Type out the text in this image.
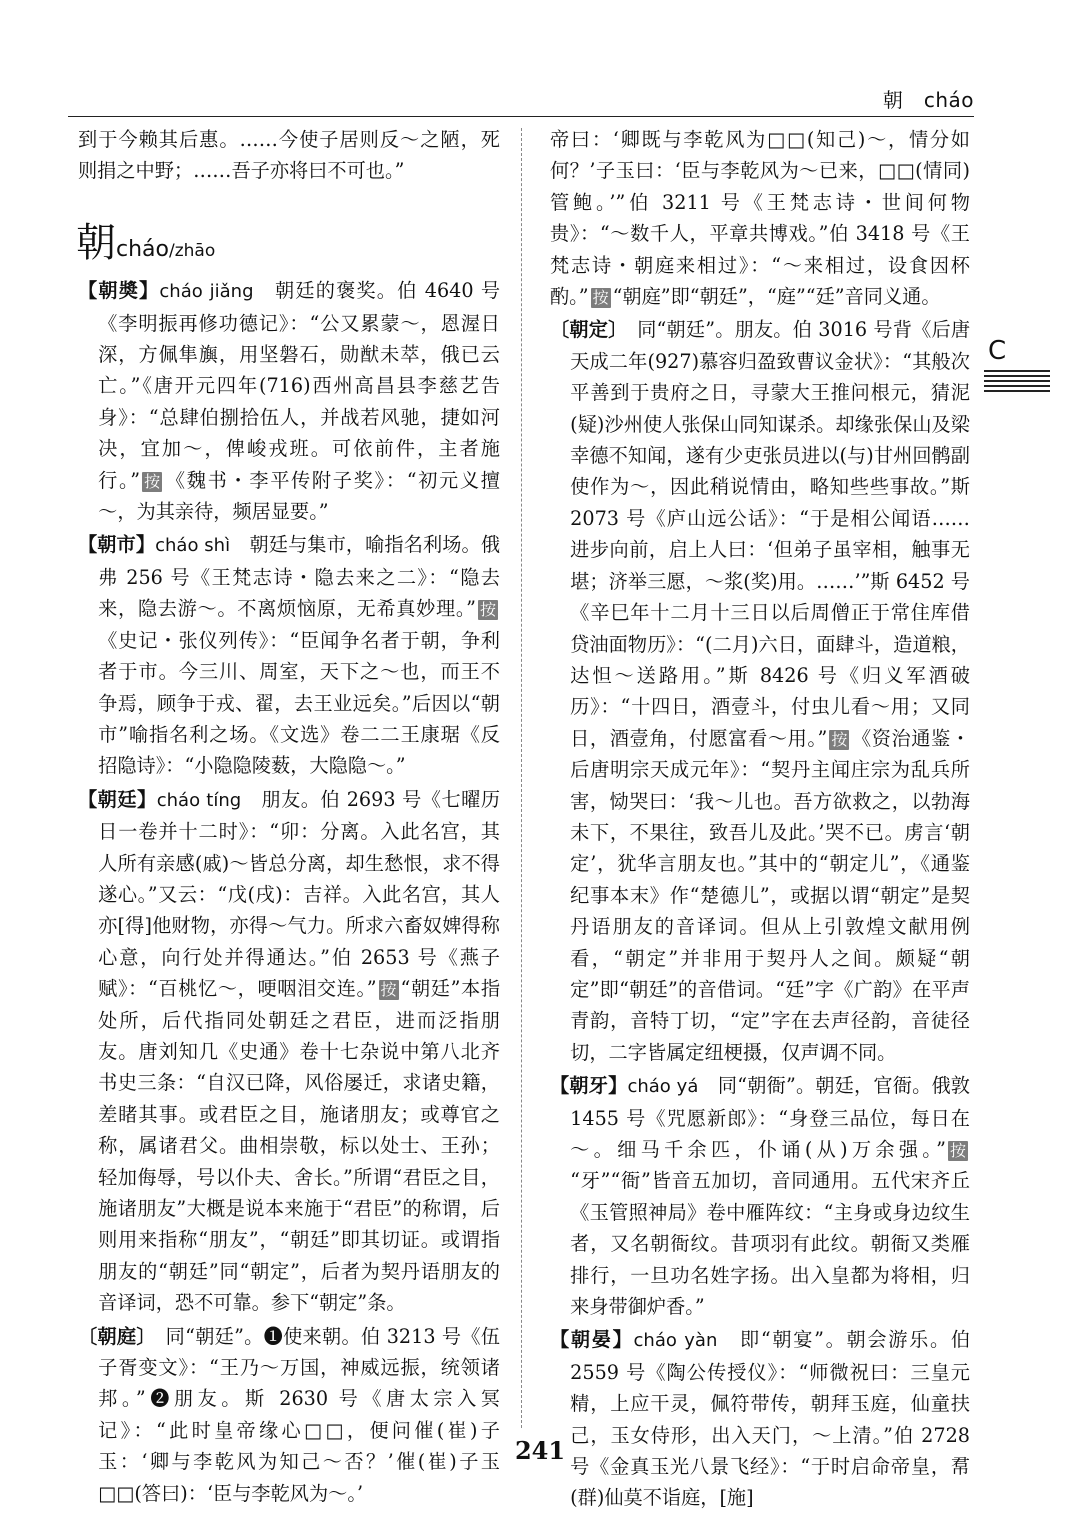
朝　cháo

到于今赖其后惠。……今使子居则反～之陋，死则捐之中野；……吾子亦将曰不可也。”

朝cháo/zhāo

【朝奬】cháo jiǎng　 朝廷的褒奖。伯 4640 号《李明振再修功德记》：“公又累蒙～，恩渥日深，方佩隼旟，用坚磐石，勋猷未萃，俄已云亡。”《唐开元四年(716)西州高昌县李慈艺告身》：“总肆伯捌拾伍人，并战若风驰，捷如河决，宜加～，俾峻戎班。可依前件，主者施行。” 按 《魏书・李平传附子奖》：“初元义擅～，为其亲待，频居显要。”

【朝市】cháo shì　 朝廷与集市，喻指名利场。俄弗 256 号《王梵志诗・隐去来之二》：“隐去来，隐去游～。不离烦恼原，无希真妙理。” 按《史记・张仪列传》：“臣闻争名者于朝，争利者于市。今三川、周室，天下之～也，而王不争焉，顾争于戎、翟，去王业远矣。”后因以“朝市”喻指名利之场。《文选》卷二二王康琚《反招隐诗》：“小隐隐陵薮，大隐隐～。”

【朝廷】cháo tíng　 朋友。伯 2693 号《七曜历日一卷并十二时》：“卯：分离。入此名宫，其人所有亲感(戚)～皆总分离，却生愁恨，求不得遂心。”又云：“戊(戌)：吉祥。入此名宫，其人亦[得]他财物，亦得～气力。所求六畜奴婢得称心意，向行处并得通达。”伯 2653 号《燕子赋》：“百桃忆～，哽咽泪交连。” 按 “朝廷”本指处所，后代指同处朝廷之君臣，进而泛指朋友。唐刘知几《史通》卷十七杂说中第八北齐书史三条：“自汉已降，风俗屡迁，求诸史籍，差睹其事。或君臣之目，施诸朋友；或尊官之称，属诸君父。曲相崇敬，标以处士、王孙；轻加侮辱，号以仆夫、舍长。”所谓“君臣之目，施诸朋友”大概是说本来施于“君臣”的称谓，后则用来指称“朋友”，“朝廷”即其切证。或谓指朋友的“朝廷”同“朝定”，后者为契丹语朋友的音译词，恐不可靠。参下“朝定”条。

〔朝庭〕　 同“朝廷”。❶使来朝。伯 3213 号《伍子胥变文》：“王乃～万国，神威远振，统领诸邦。”❷朋友。斯 2630 号《唐太宗入冥记》：“此时皇帝缘心□□，便问催(崔)子玉：‘卿与李乾风为知己～否？’催(崔)子玉□□(答曰)：‘臣与李乾风为～。’

帝曰：‘卿既与李乾风为□□(知己)～，情分如何？’子玉曰：‘臣与李乾风为～已来，□□(情同)管鲍。’”伯 3211 号《王梵志诗・世间何物贵》：“～数千人，平章共博戏。”伯 3418 号《王梵志诗・朝庭来相过》：“～来相过，设食因杯酌。” 按 “朝庭”即“朝廷”，“庭”“廷”音同义通。

〔朝定〕　 同“朝廷”。朋友。伯 3016 号背《后唐天成二年(927)慕容归盈致曹议金状》：“其般次平善到于贵府之日，寻蒙大王推问根元，猜泥(疑)沙州使人张保山同知谋杀。却缘张保山及梁幸德不知闻，遂有少吏张员进以(与)甘州回鹘副使作为～，因此稍说情由，略知些些事故。”斯 2073 号《庐山远公话》：“于是相公闻语……进步向前，启上人曰：‘但弟子虽宰相，触事无堪；济举三愿，～浆(奖)用。……’”斯 6452 号《辛巳年十二月十三日以后周僧正于常住库借贷油面物历》：“(二月)六日，面肆斗，造道粮，达怛～送路用。”斯 8426 号《归义军酒破历》：“十四日，酒壹斗，付虫儿看～用；又同日，酒壹角，付愿富看～用。” 按 《资治通鉴・后唐明宗天成元年》：“契丹主闻庄宗为乱兵所害，恸哭曰：‘我～儿也。吾方欲救之，以勃海未下，不果往，致吾儿及此。’哭不已。虏言‘朝定’，犹华言朋友也。”其中的“朝定儿”，《通鉴纪事本末》作“楚德儿”，或据以谓“朝定”是契丹语朋友的音译词。但从上引敦煌文献用例看，“朝定”并非用于契丹人之间。颇疑“朝定”即“朝廷”的音借词。“廷”字《广韵》在平声青韵，音特丁切，“定”字在去声径韵，音徒径切，二字皆属定纽梗摄，仅声调不同。

【朝牙】cháo yá　 同“朝衙”。朝廷，官衙。俄敦 1455 号《咒愿新郎》：“身登三品位，每日在～。细马千余匹，仆诵(从)万余强。” 按“牙”“衙”皆音五加切，音同通用。五代宋齐丘《玉管照神局》卷中雁阵纹：“主身或身边纹生者，又名朝衙纹。昔项羽有此纹。朝衙又类雁排行，一旦功名姓字扬。出入皇都为将相，归来身带御炉香。”

【朝晏】cháo yàn　 即“朝宴”。朝会游乐。伯 2559 号《陶公传授仪》：“师微祝曰：三皇元精，上应干灵，佩符带传，朝拜玉庭，仙童扶己，玉女侍形，出入天门，～上清。”伯 2728 号《金真玉光八景飞经》：“于时启命帝皇，帬(群)仙莫不诣庭，[施]

C
241
